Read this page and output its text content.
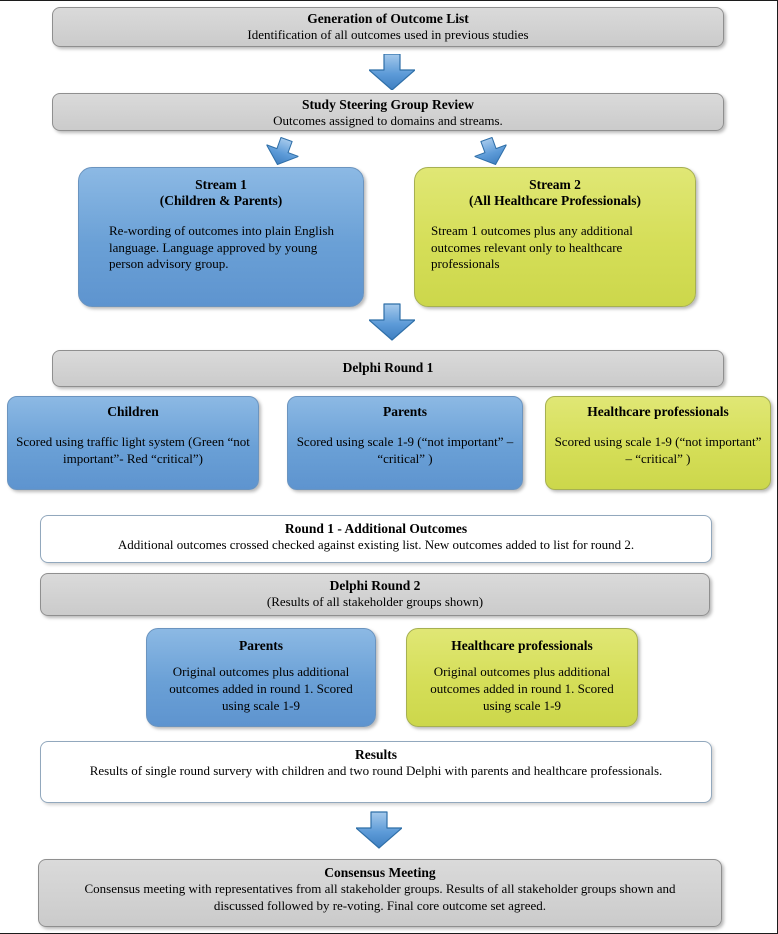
Generation of Outcome List
Identification of all outcomes used in previous studies
Study Steering Group Review
Outcomes assigned to domains and streams.
Stream 1
(Children & Parents)
Re-wording of outcomes into plain English language. Language approved by young person advisory group.
Stream 2
(All Healthcare Professionals)
Stream 1 outcomes plus any additional outcomes relevant only to healthcare professionals
Delphi Round 1
Children
Scored using traffic light system (Green “not important”- Red “critical”)
Parents
Scored using scale 1-9 (“not important” – “critical” )
Healthcare professionals
Scored using scale 1-9 (“not important” – “critical” )
Round 1 - Additional Outcomes
Additional outcomes crossed checked against existing list. New outcomes added to list for round 2.
Delphi Round 2
(Results of all stakeholder groups shown)
Parents
Original outcomes plus additional outcomes added in round 1. Scored using scale 1-9
Healthcare professionals
Original outcomes plus additional outcomes added in round 1. Scored using scale 1-9
Results
Results of single round survery with children and two round Delphi with parents and healthcare professionals.
Consensus Meeting
Consensus meeting with representatives from all stakeholder groups. Results of all stakeholder groups shown and discussed followed by re-voting. Final core outcome set agreed.
